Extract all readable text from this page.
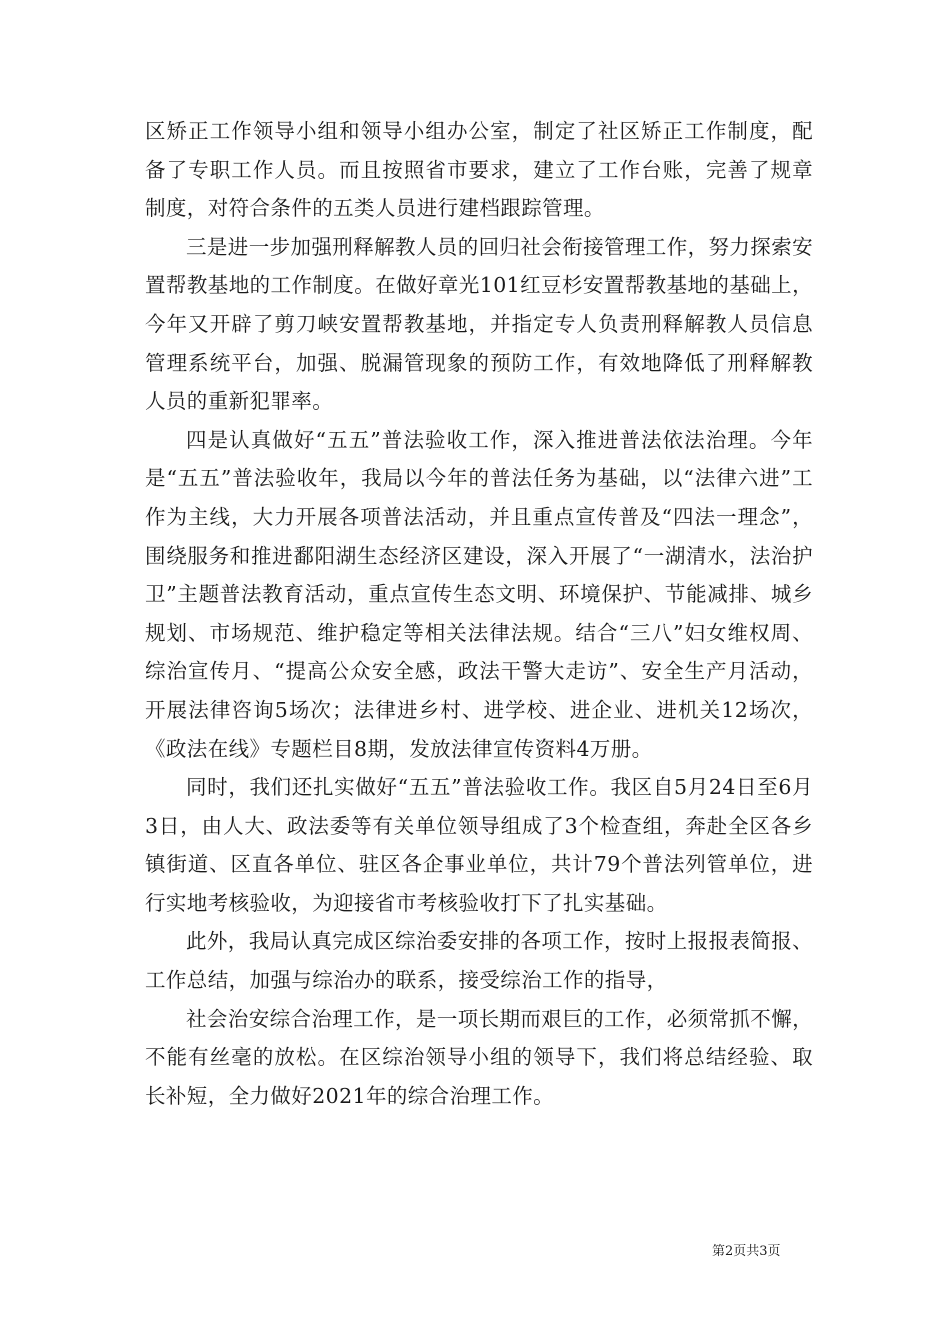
区矫正工作领导小组和领导小组办公室，制定了社区矫正工作制度，配备了专职工作人员。而且按照省市要求，建立了工作台账，完善了规章制度，对符合条件的五类人员进行建档跟踪管理。

三是进一步加强刑释解教人员的回归社会衔接管理工作，努力探索安置帮教基地的工作制度。在做好章光101红豆杉安置帮教基地的基础上，今年又开辟了剪刀峡安置帮教基地，并指定专人负责刑释解教人员信息管理系统平台，加强、脱漏管现象的预防工作，有效地降低了刑释解教人员的重新犯罪率。

四是认真做好“五五”普法验收工作，深入推进普法依法治理。今年是“五五”普法验收年，我局以今年的普法任务为基础，以“法律六进”工作为主线，大力开展各项普法活动，并且重点宣传普及“四法一理念”，围绕服务和推进鄱阳湖生态经济区建设，深入开展了“一湖清水，法治护卫”主题普法教育活动，重点宣传生态文明、环境保护、节能减排、城乡规划、市场规范、维护稳定等相关法律法规。结合“三八”妇女维权周、综治宣传月、“提高公众安全感，政法干警大走访”、安全生产月活动，开展法律咨询5场次；法律进乡村、进学校、进企业、进机关12场次，《政法在线》专题栏目8期，发放法律宣传资料4万册。

同时，我们还扎实做好“五五”普法验收工作。我区自5月24日至6月3日，由人大、政法委等有关单位领导组成了3个检查组，奔赴全区各乡镇街道、区直各单位、驻区各企事业单位，共计79个普法列管单位，进行实地考核验收，为迎接省市考核验收打下了扎实基础。

此外，我局认真完成区综治委安排的各项工作，按时上报报表简报、工作总结，加强与综治办的联系，接受综治工作的指导，

社会治安综合治理工作，是一项长期而艰巨的工作，必须常抓不懈，不能有丝毫的放松。在区综治领导小组的领导下，我们将总结经验、取长补短，全力做好2021年的综合治理工作。

第2页共3页
